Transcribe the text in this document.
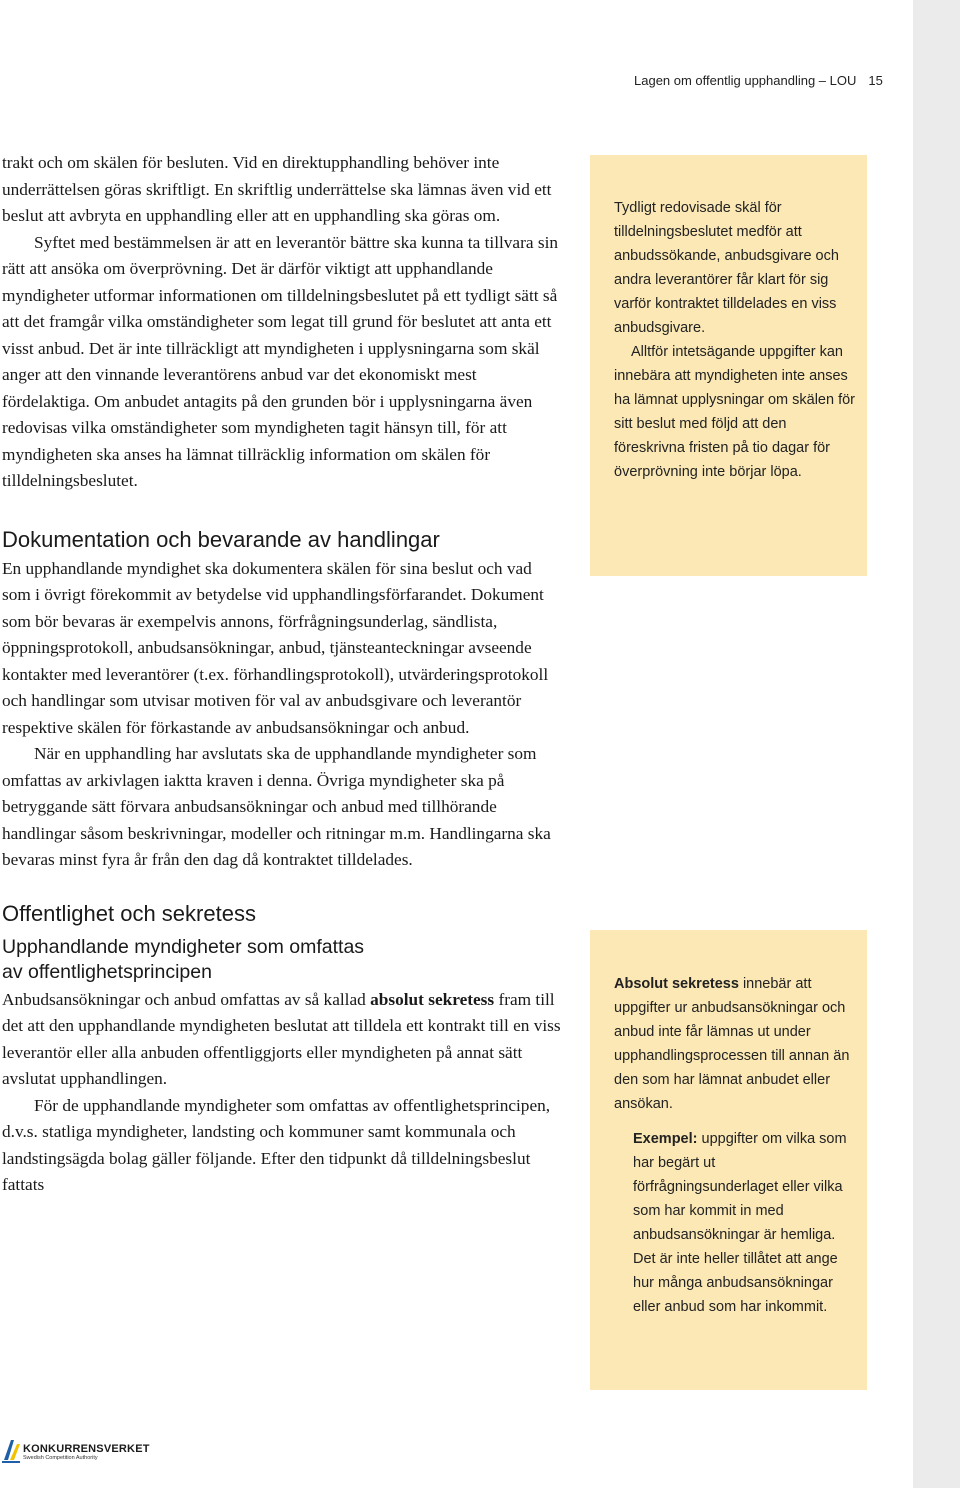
Lagen om offentlig upphandling – LOU 15

trakt och om skälen för besluten. Vid en direktupphandling behöver inte underrättelsen göras skriftligt. En skriftlig underrättelse ska lämnas även vid ett beslut att avbryta en upphandling eller att en upphandling ska göras om.

Syftet med bestämmelsen är att en leverantör bättre ska kunna ta tillvara sin rätt att ansöka om överprövning. Det är därför viktigt att upphandlande myndigheter utformar informationen om tilldelningsbeslutet på ett tydligt sätt så att det framgår vilka omständigheter som legat till grund för beslutet att anta ett visst anbud. Det är inte tillräckligt att myndigheten i upplysningarna som skäl anger att den vinnande leverantörens anbud var det ekonomiskt mest fördelaktiga. Om anbudet antagits på den grunden bör i upplysningarna även redovisas vilka omständigheter som myndigheten tagit hänsyn till, för att myndigheten ska anses ha lämnat tillräcklig information om skälen för tilldelningsbeslutet.

Dokumentation och bevarande av handlingar

En upphandlande myndighet ska dokumentera skälen för sina beslut och vad som i övrigt förekommit av betydelse vid upphandlingsförfarandet. Dokument som bör bevaras är exempelvis annons, förfrågningsunderlag, sändlista, öppningsprotokoll, anbudsansökningar, anbud, tjänsteanteckningar avseende kontakter med leverantörer (t.ex. förhandlingsprotokoll), utvärderingsprotokoll och handlingar som utvisar motiven för val av anbudsgivare och leverantör respektive skälen för förkastande av anbudsansökningar och anbud.

När en upphandling har avslutats ska de upphandlande myndigheter som omfattas av arkivlagen iaktta kraven i denna. Övriga myndigheter ska på betryggande sätt förvara anbudsansökningar och anbud med tillhörande handlingar såsom beskrivningar, modeller och ritningar m.m. Handlingarna ska bevaras minst fyra år från den dag då kontraktet tilldelades.

Offentlighet och sekretess
Upphandlande myndigheter som omfattas
av offentlighetsprincipen

Anbudsansökningar och anbud omfattas av så kallad absolut sekretess fram till det att den upphandlande myndigheten beslutat att tilldela ett kontrakt till en viss leverantör eller alla anbuden offentliggjorts eller myndigheten på annat sätt avslutat upphandlingen.

För de upphandlande myndigheter som omfattas av offentlighetsprincipen, d.v.s. statliga myndigheter, landsting och kommuner samt kommunala och landstingsägda bolag gäller följande. Efter den tidpunkt då tilldelningsbeslut fattats

Tydligt redovisade skäl för tilldelningsbeslutet medför att anbudssökande, anbudsgivare och andra leverantörer får klart för sig varför kontraktet tilldelades en viss anbudsgivare.

Alltför intetsägande uppgifter kan innebära att myndigheten inte anses ha lämnat upplysningar om skälen för sitt beslut med följd att den föreskrivna fristen på tio dagar för överprövning inte börjar löpa.

Absolut sekretess innebär att uppgifter ur anbudsansökningar och anbud inte får lämnas ut under upphandlingsprocessen till annan än den som har lämnat anbudet eller ansökan.

Exempel: uppgifter om vilka som har begärt ut förfrågningsunderlaget eller vilka som har kommit in med anbudsansökningar är hemliga. Det är inte heller tillåtet att ange hur många anbudsansökningar eller anbud som har inkommit.

KONKURRENSVERKET
Swedish Competition Authority
